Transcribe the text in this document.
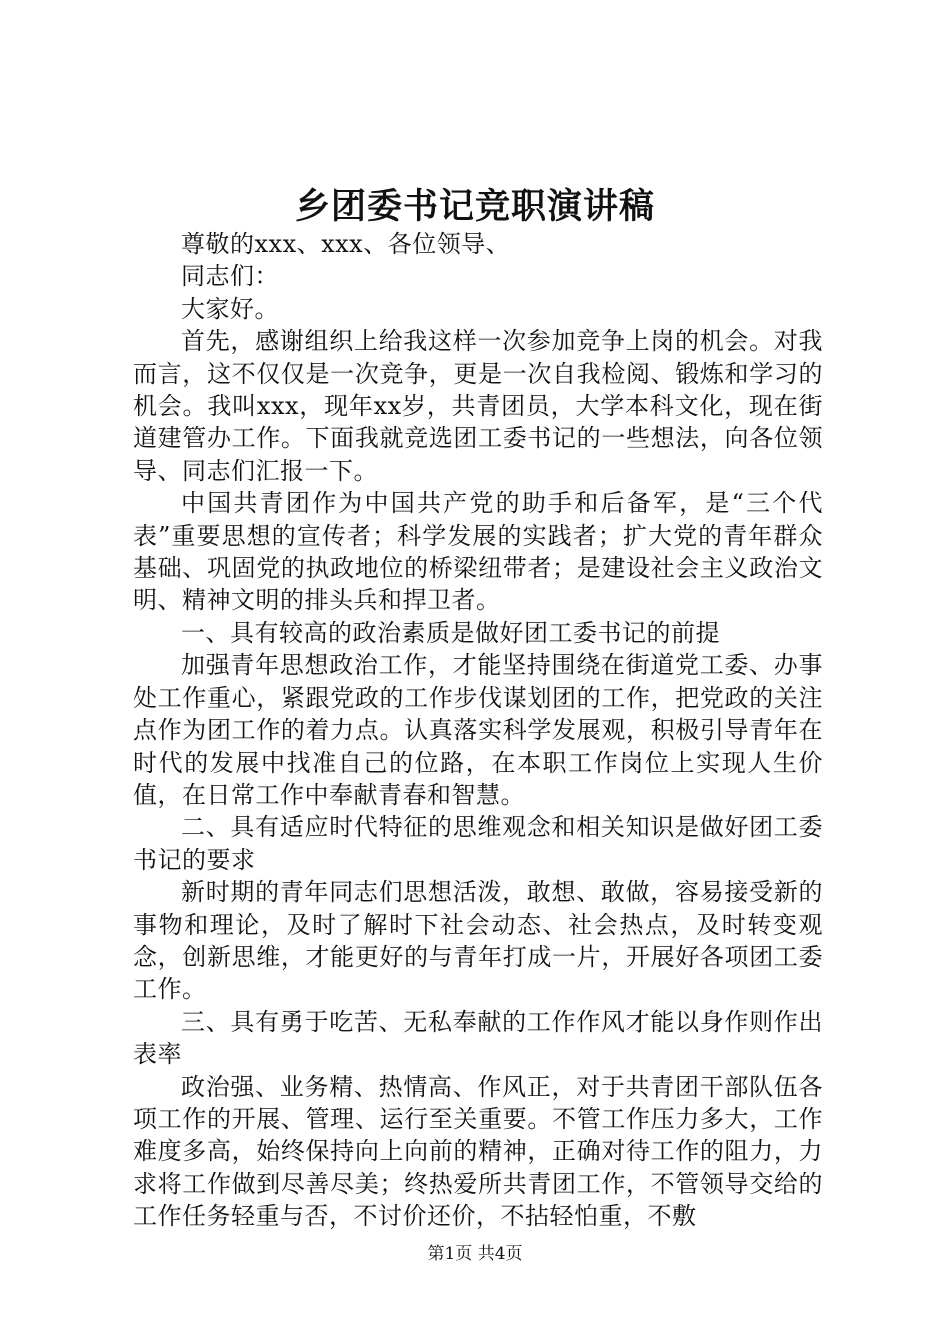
乡团委书记竞职演讲稿

尊敬的xxx、xxx、各位领导、

同志们：

大家好。

首先，感谢组织上给我这样一次参加竞争上岗的机会。对我而言，这不仅仅是一次竞争，更是一次自我检阅、锻炼和学习的机会。我叫xxx，现年xx岁，共青团员，大学本科文化，现在街道建管办工作。下面我就竞选团工委书记的一些想法，向各位领导、同志们汇报一下。

中国共青团作为中国共产党的助手和后备军，是“三个代表”重要思想的宣传者；科学发展的实践者；扩大党的青年群众基础、巩固党的执政地位的桥梁纽带者；是建设社会主义政治文明、精神文明的排头兵和捍卫者。

一、具有较高的政治素质是做好团工委书记的前提

加强青年思想政治工作，才能坚持围绕在街道党工委、办事处工作重心，紧跟党政的工作步伐谋划团的工作，把党政的关注点作为团工作的着力点。认真落实科学发展观，积极引导青年在时代的发展中找准自己的位路，在本职工作岗位上实现人生价值，在日常工作中奉献青春和智慧。

二、具有适应时代特征的思维观念和相关知识是做好团工委书记的要求

新时期的青年同志们思想活泼，敢想、敢做，容易接受新的事物和理论，及时了解时下社会动态、社会热点，及时转变观念，创新思维，才能更好的与青年打成一片，开展好各项团工委工作。

三、具有勇于吃苦、无私奉献的工作作风才能以身作则作出表率

政治强、业务精、热情高、作风正，对于共青团干部队伍各项工作的开展、管理、运行至关重要。不管工作压力多大，工作难度多高，始终保持向上向前的精神，正确对待工作的阻力，力求将工作做到尽善尽美；终热爱所共青团工作，不管领导交给的工作任务轻重与否，不讨价还价，不拈轻怕重，不敷

第1页 共4页
